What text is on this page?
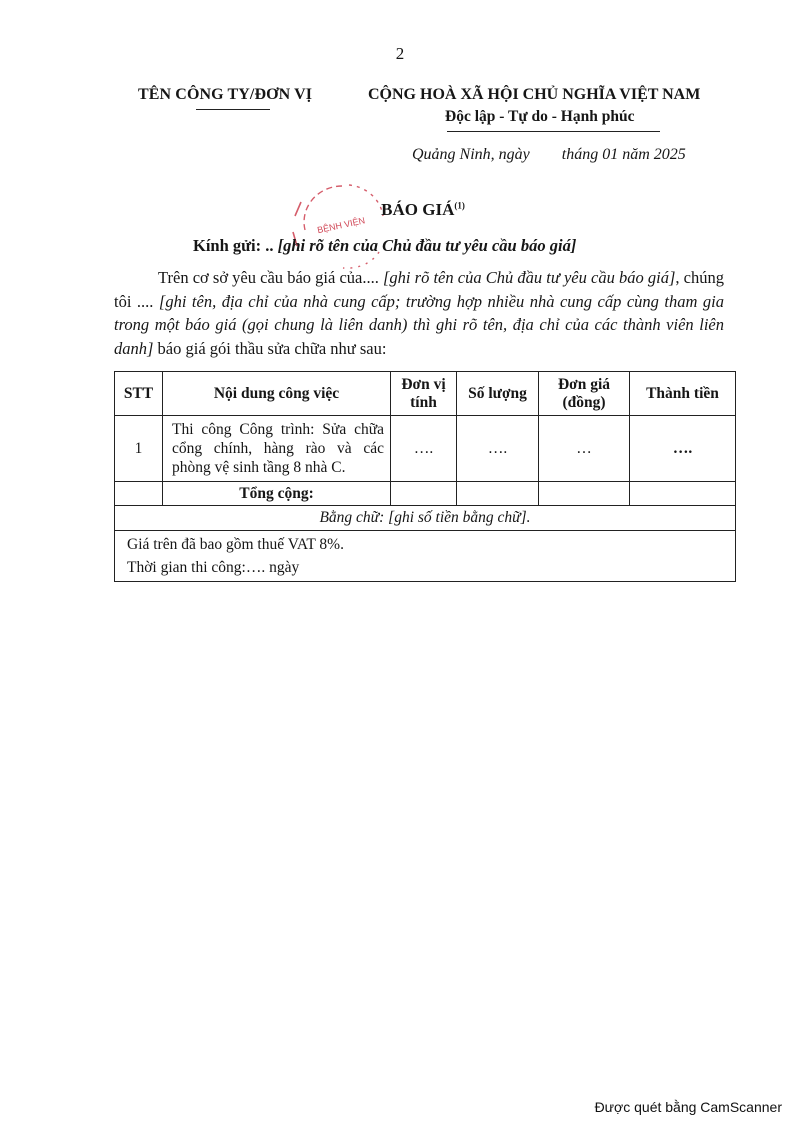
2
TÊN CÔNG TY/ĐƠN VỊ	CỘNG HOÀ XÃ HỘI CHỦ NGHĨA VIỆT NAM
Độc lập - Tự do - Hạnh phúc
Quảng Ninh, ngày        tháng 01 năm 2025
BỆNH VIỆN
BÁO GIÁ$^{(1)}$
Kính gửi: .. [ghi rõ tên của Chủ đầu tư yêu cầu báo giá]
Trên cơ sở yêu cầu báo giá của.... [ghi rõ tên của Chủ đầu tư yêu cầu báo giá], chúng tôi .... [ghi tên, địa chỉ của nhà cung cấp; trường hợp nhiều nhà cung cấp cùng tham gia trong một báo giá (gọi chung là liên danh) thì ghi rõ tên, địa chỉ của các thành viên liên danh] báo giá gói thầu sửa chữa như sau:
STT	Nội dung công việc	Đơn vị tính	Số lượng	Đơn giá (đồng)	Thành tiền
1	Thi công Công trình: Sửa chữa cổng chính, hàng rào và các phòng vệ sinh tầng 8 nhà C.	….	….	…	….
	Tổng cộng:				
Bằng chữ: [ghi số tiền bằng chữ].					

Giá trên đã bao gồm thuế VAT 8%.
Thời gian thi công:…. ngày					
Được quét bằng CamScanner
